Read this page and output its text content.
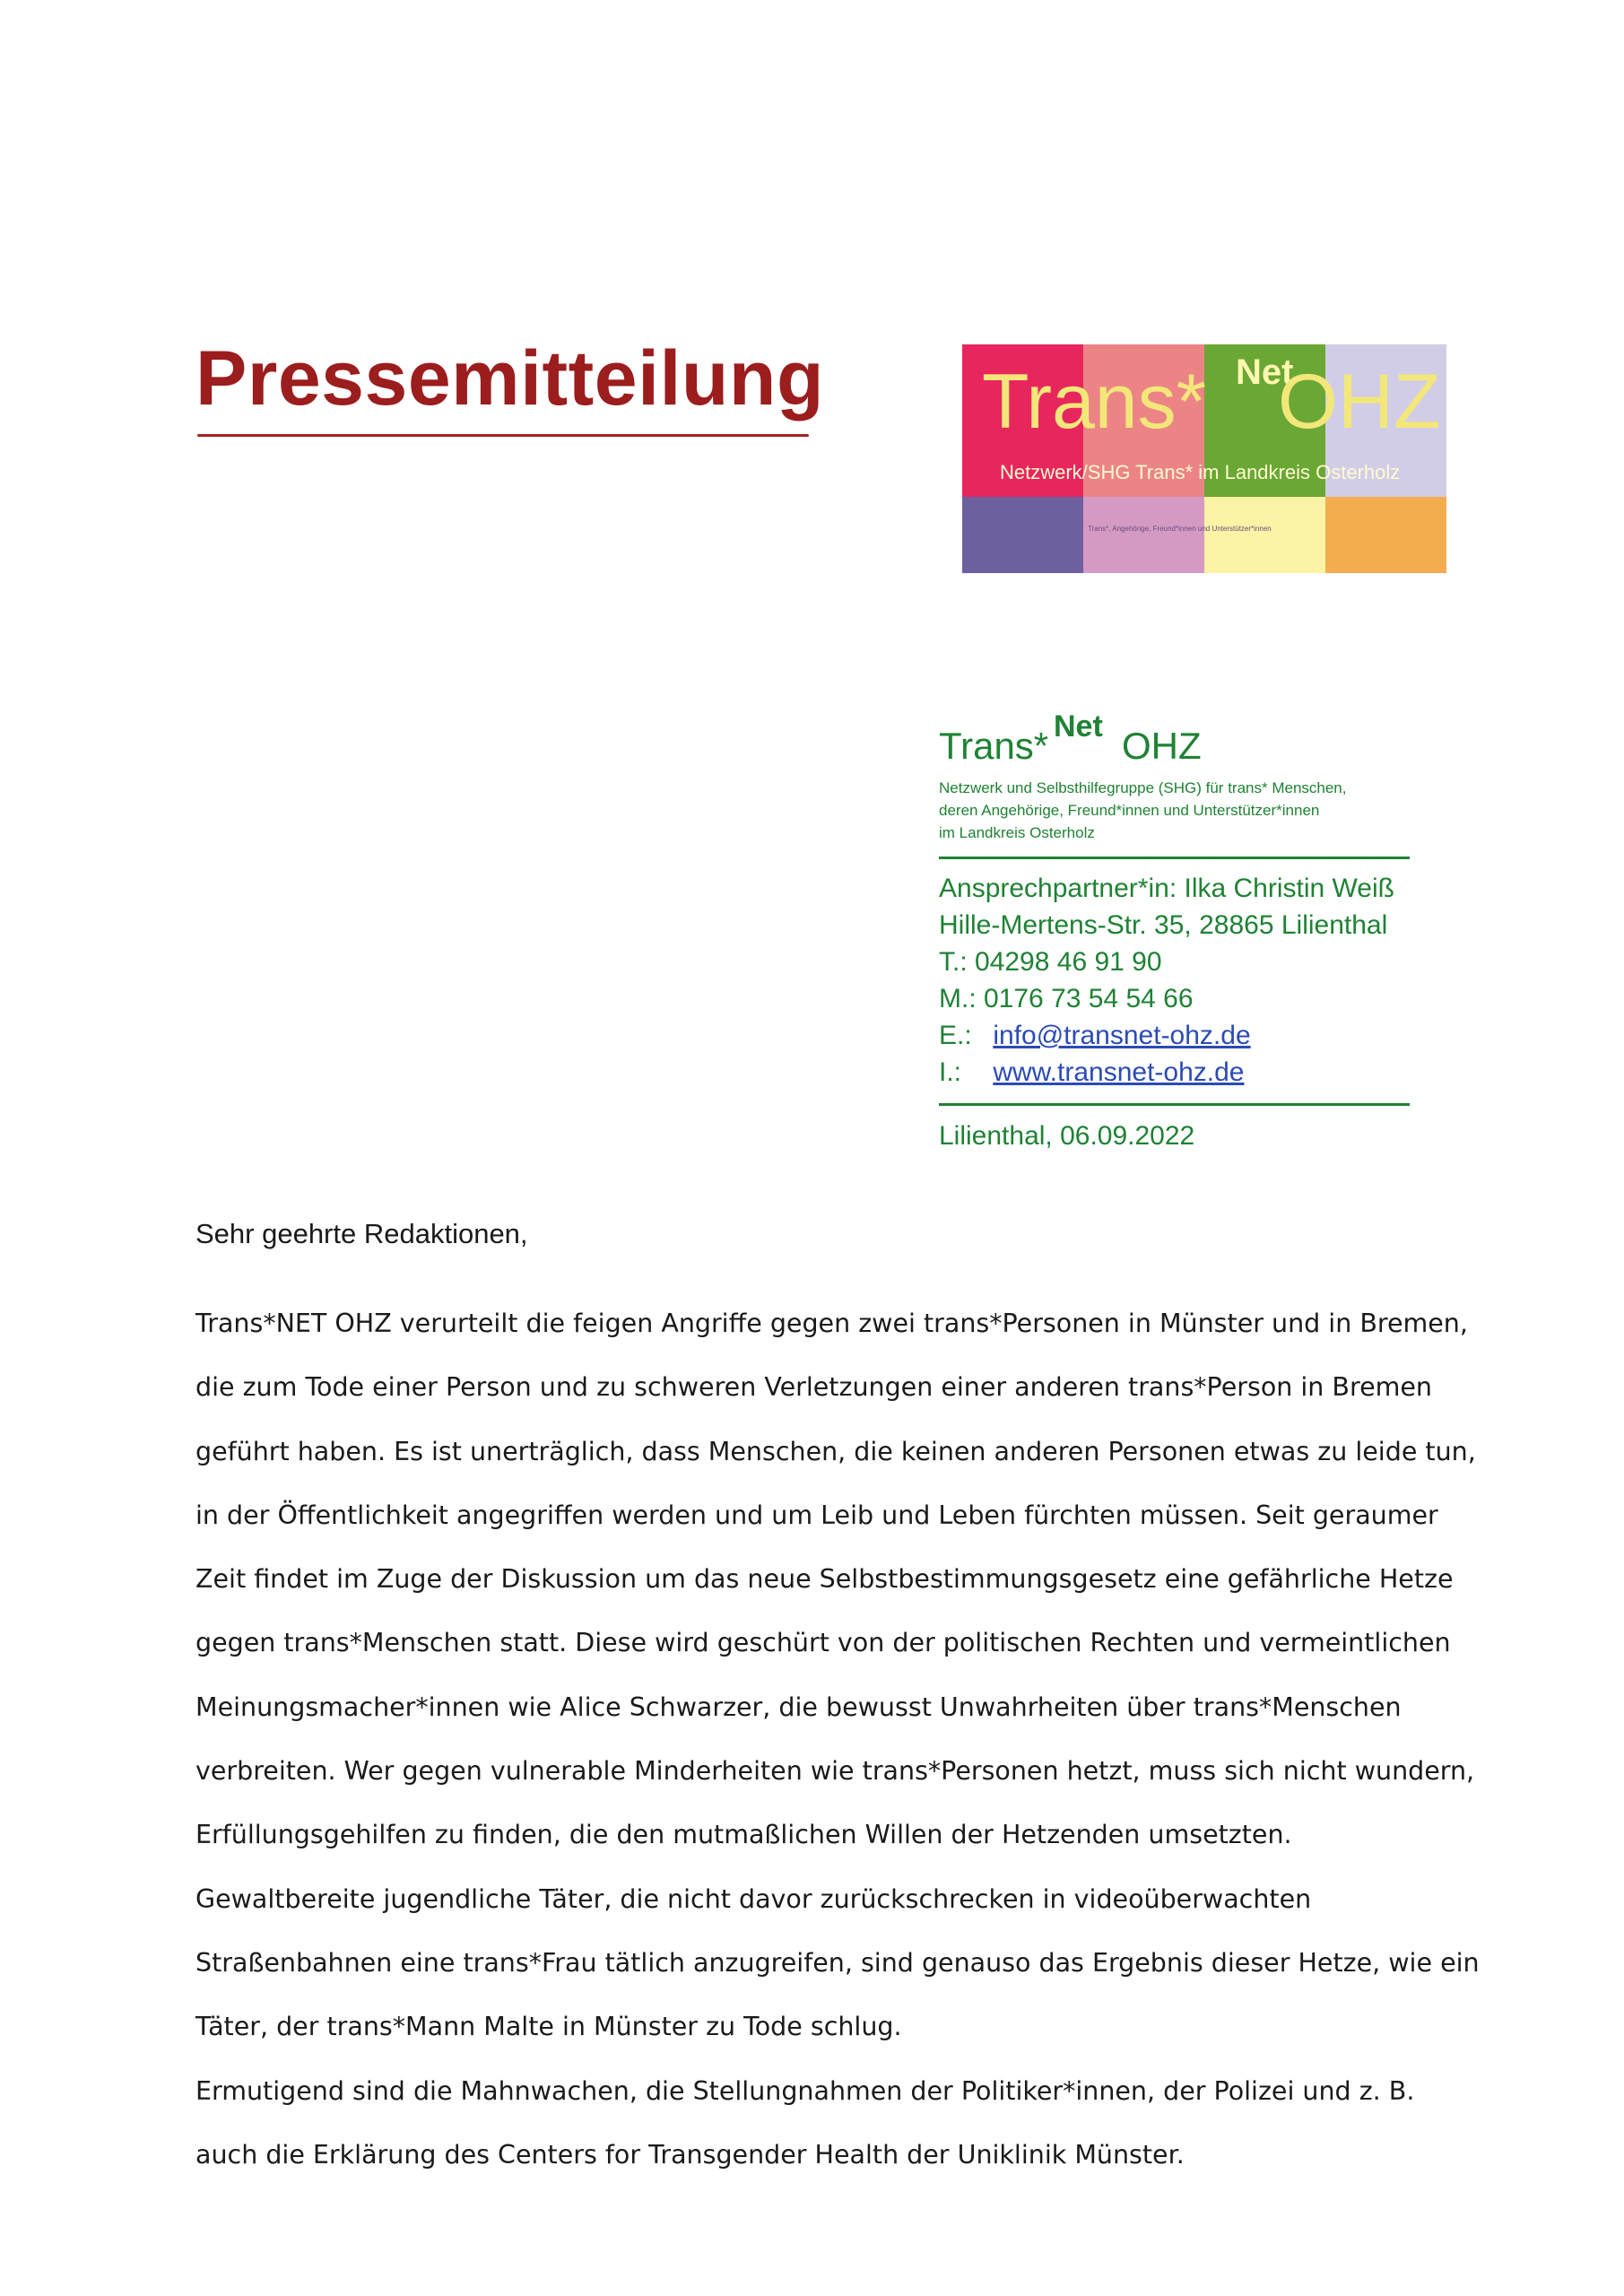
Pressemitteilung Trans* Net
OHZ
Netzwerk/SHG Trans* im Landkreis Osterholz
Trans*, Angehörige, Freund*innen und Unterstützer*innen
Trans* Net OHZ
Netzwerk und Selbsthilfegruppe (SHG) für trans* Menschen,
deren Angehörige, Freund*innen und Unterstützer*innen
im Landkreis Osterholz
Ansprechpartner*in: Ilka Christin Weiß
Hille-Mertens-Str. 35, 28865 Lilienthal
T.: 04298 46 91 90
M.: 0176 73 54 54 66
E.: info@transnet-ohz.de
I.: www.transnet-ohz.de
Lilienthal, 06.09.2022

Sehr geehrte Redaktionen,

Trans*NET OHZ verurteilt die feigen Angriffe gegen zwei trans*Personen in Münster und in Bremen,
die zum Tode einer Person und zu schweren Verletzungen einer anderen trans*Person in Bremen
geführt haben. Es ist unerträglich, dass Menschen, die keinen anderen Personen etwas zu leide tun,
in der Öffentlichkeit angegriffen werden und um Leib und Leben fürchten müssen. Seit geraumer
Zeit findet im Zuge der Diskussion um das neue Selbstbestimmungsgesetz eine gefährliche Hetze
gegen trans*Menschen statt. Diese wird geschürt von der politischen Rechten und vermeintlichen
Meinungsmacher*innen wie Alice Schwarzer, die bewusst Unwahrheiten über trans*Menschen
verbreiten. Wer gegen vulnerable Minderheiten wie trans*Personen hetzt, muss sich nicht wundern,
Erfüllungsgehilfen zu finden, die den mutmaßlichen Willen der Hetzenden umsetzten.
Gewaltbereite jugendliche Täter, die nicht davor zurückschrecken in videoüberwachten
Straßenbahnen eine trans*Frau tätlich anzugreifen, sind genauso das Ergebnis dieser Hetze, wie ein
Täter, der trans*Mann Malte in Münster zu Tode schlug.
Ermutigend sind die Mahnwachen, die Stellungnahmen der Politiker*innen, der Polizei und z. B.
auch die Erklärung des Centers for Transgender Health der Uniklinik Münster.
